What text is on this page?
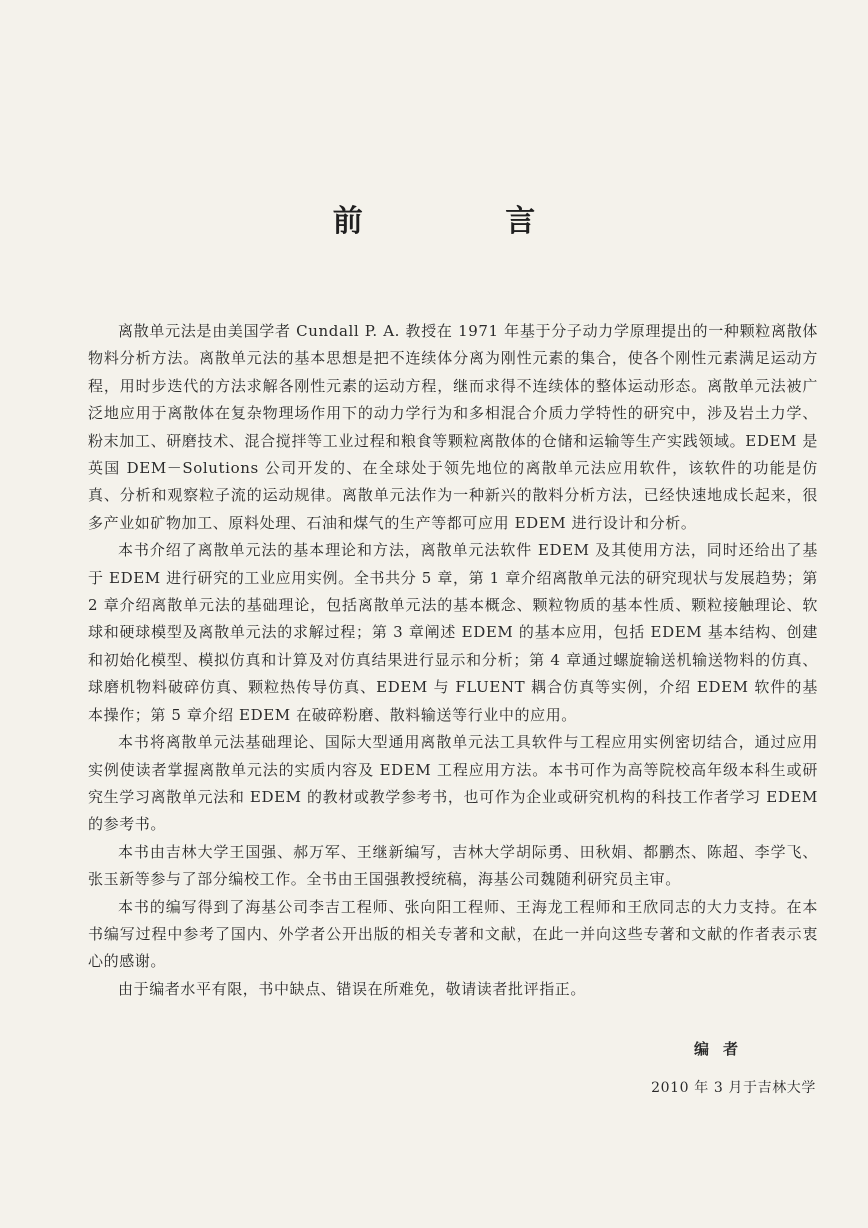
前 言

离散单元法是由美国学者 Cundall P. A. 教授在 1971 年基于分子动力学原理提出的一种颗粒离散体物料分析方法。离散单元法的基本思想是把不连续体分离为刚性元素的集合，使各个刚性元素满足运动方程，用时步迭代的方法求解各刚性元素的运动方程，继而求得不连续体的整体运动形态。离散单元法被广泛地应用于离散体在复杂物理场作用下的动力学行为和多相混合介质力学特性的研究中，涉及岩土力学、粉末加工、研磨技术、混合搅拌等工业过程和粮食等颗粒离散体的仓储和运输等生产实践领域。EDEM 是英国 DEM－Solutions 公司开发的、在全球处于领先地位的离散单元法应用软件，该软件的功能是仿真、分析和观察粒子流的运动规律。离散单元法作为一种新兴的散料分析方法，已经快速地成长起来，很多产业如矿物加工、原料处理、石油和煤气的生产等都可应用 EDEM 进行设计和分析。

本书介绍了离散单元法的基本理论和方法，离散单元法软件 EDEM 及其使用方法，同时还给出了基于 EDEM 进行研究的工业应用实例。全书共分 5 章，第 1 章介绍离散单元法的研究现状与发展趋势；第 2 章介绍离散单元法的基础理论，包括离散单元法的基本概念、颗粒物质的基本性质、颗粒接触理论、软球和硬球模型及离散单元法的求解过程；第 3 章阐述 EDEM 的基本应用，包括 EDEM 基本结构、创建和初始化模型、模拟仿真和计算及对仿真结果进行显示和分析；第 4 章通过螺旋输送机输送物料的仿真、球磨机物料破碎仿真、颗粒热传导仿真、EDEM 与 FLUENT 耦合仿真等实例，介绍 EDEM 软件的基本操作；第 5 章介绍 EDEM 在破碎粉磨、散料输送等行业中的应用。

本书将离散单元法基础理论、国际大型通用离散单元法工具软件与工程应用实例密切结合，通过应用实例使读者掌握离散单元法的实质内容及 EDEM 工程应用方法。本书可作为高等院校高年级本科生或研究生学习离散单元法和 EDEM 的教材或教学参考书，也可作为企业或研究机构的科技工作者学习 EDEM 的参考书。

本书由吉林大学王国强、郝万军、王继新编写，吉林大学胡际勇、田秋娟、都鹏杰、陈超、李学飞、张玉新等参与了部分编校工作。全书由王国强教授统稿，海基公司魏随利研究员主审。

本书的编写得到了海基公司李吉工程师、张向阳工程师、王海龙工程师和王欣同志的大力支持。在本书编写过程中参考了国内、外学者公开出版的相关专著和文献，在此一并向这些专著和文献的作者表示衷心的感谢。

由于编者水平有限，书中缺点、错误在所难免，敬请读者批评指正。

编者
2010 年 3 月于吉林大学
